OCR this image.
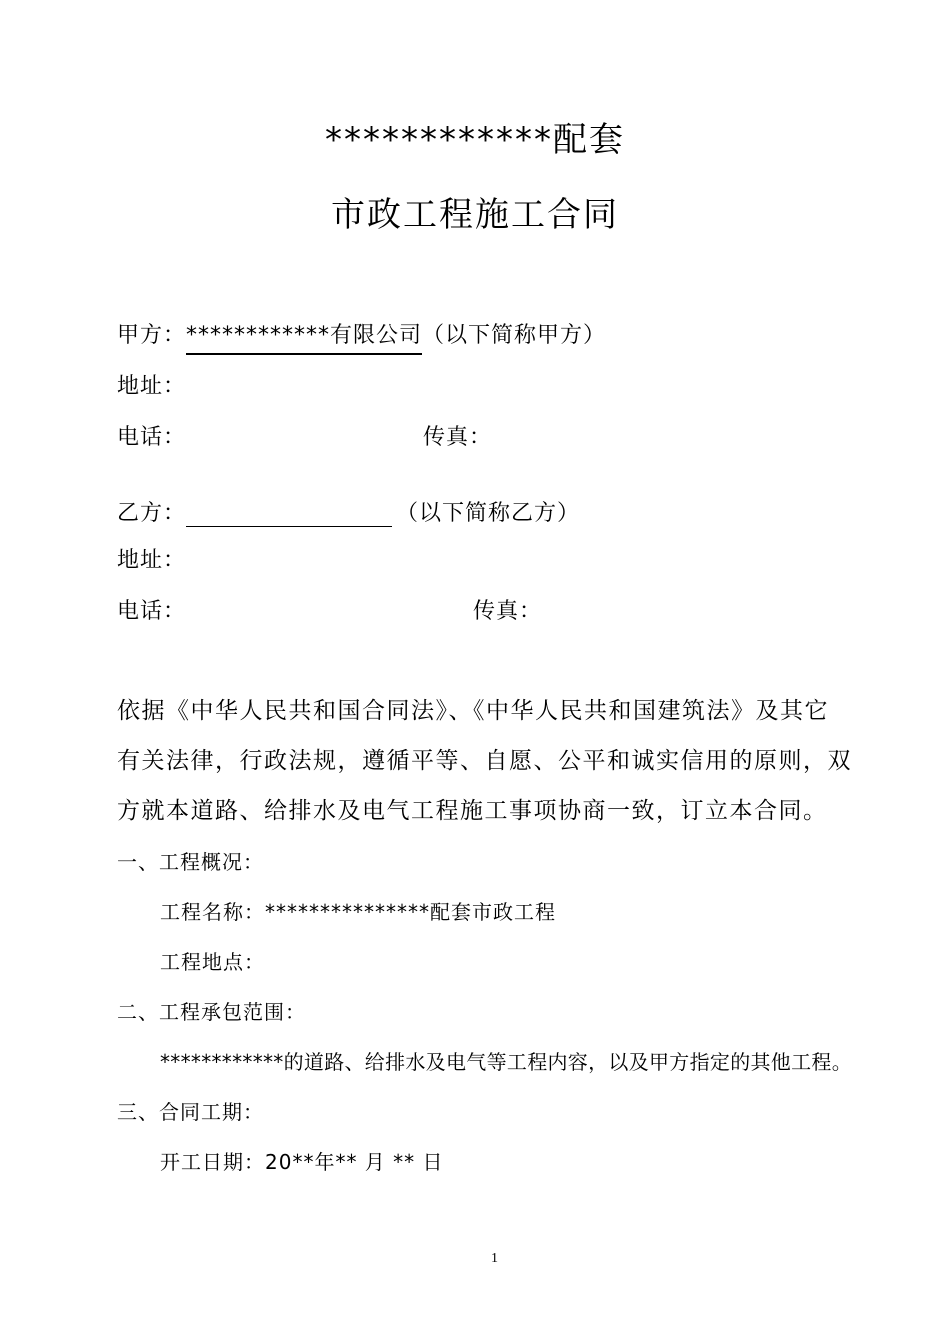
************配套
市政工程施工合同
甲方：************有限公司（以下简称甲方）
地址：
电话：	传真：
乙方：	（以下简称乙方）
地址：
电话：	传真：
依据《中华人民共和国合同法》、《中华人民共和国建筑法》及其它
有关法律，行政法规，遵循平等、自愿、公平和诚实信用的原则，双
方就本道路、给排水及电气工程施工事项协商一致，订立本合同。
一、工程概况：
工程名称：***************配套市政工程
工程地点：
二、工程承包范围：
************的道路、给排水及电气等工程内容，以及甲方指定的其他工程。
三、合同工期：
开工日期：20**年** 月 ** 日
1
